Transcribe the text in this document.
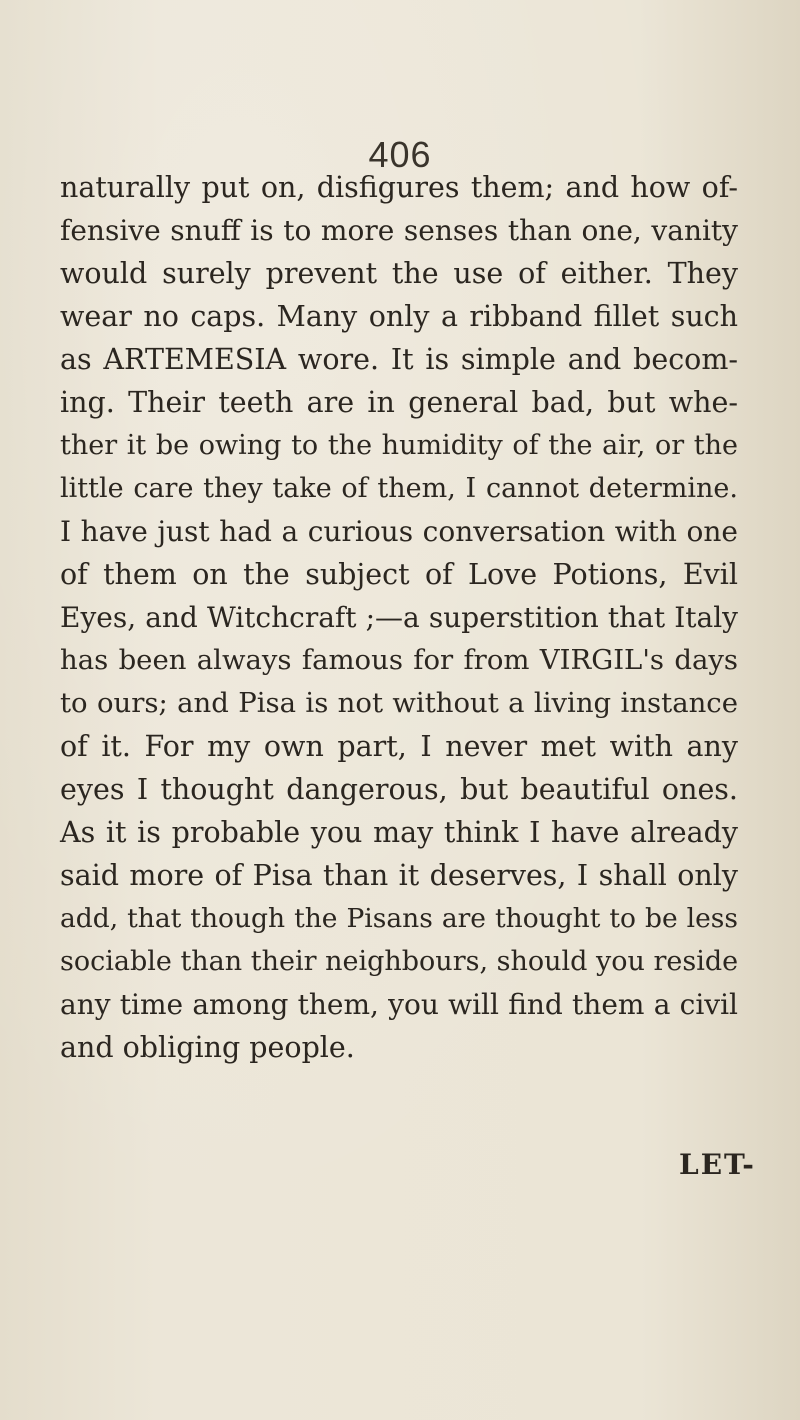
406
naturally put on, disfigures them; and how of-
fensive snuff is to more senses than one, vanity
would surely prevent the use of either. They
wear no caps. Many only a ribband fillet such
as ARTEMESIA wore. It is simple and becom-
ing. Their teeth are in general bad, but whe-
ther it be owing to the humidity of the air, or the
little care they take of them, I cannot determine.
I have just had a curious conversation with one
of them on the subject of Love Potions, Evil
Eyes, and Witchcraft ;—a superstition that Italy
has been always famous for from VIRGIL's days
to ours; and Pisa is not without a living instance
of it. For my own part, I never met with any
eyes I thought dangerous, but beautiful ones.
As it is probable you may think I have already
said more of Pisa than it deserves, I shall only
add, that though the Pisans are thought to be less
sociable than their neighbours, should you reside
any time among them, you will find them a civil
and obliging people.
LET-
